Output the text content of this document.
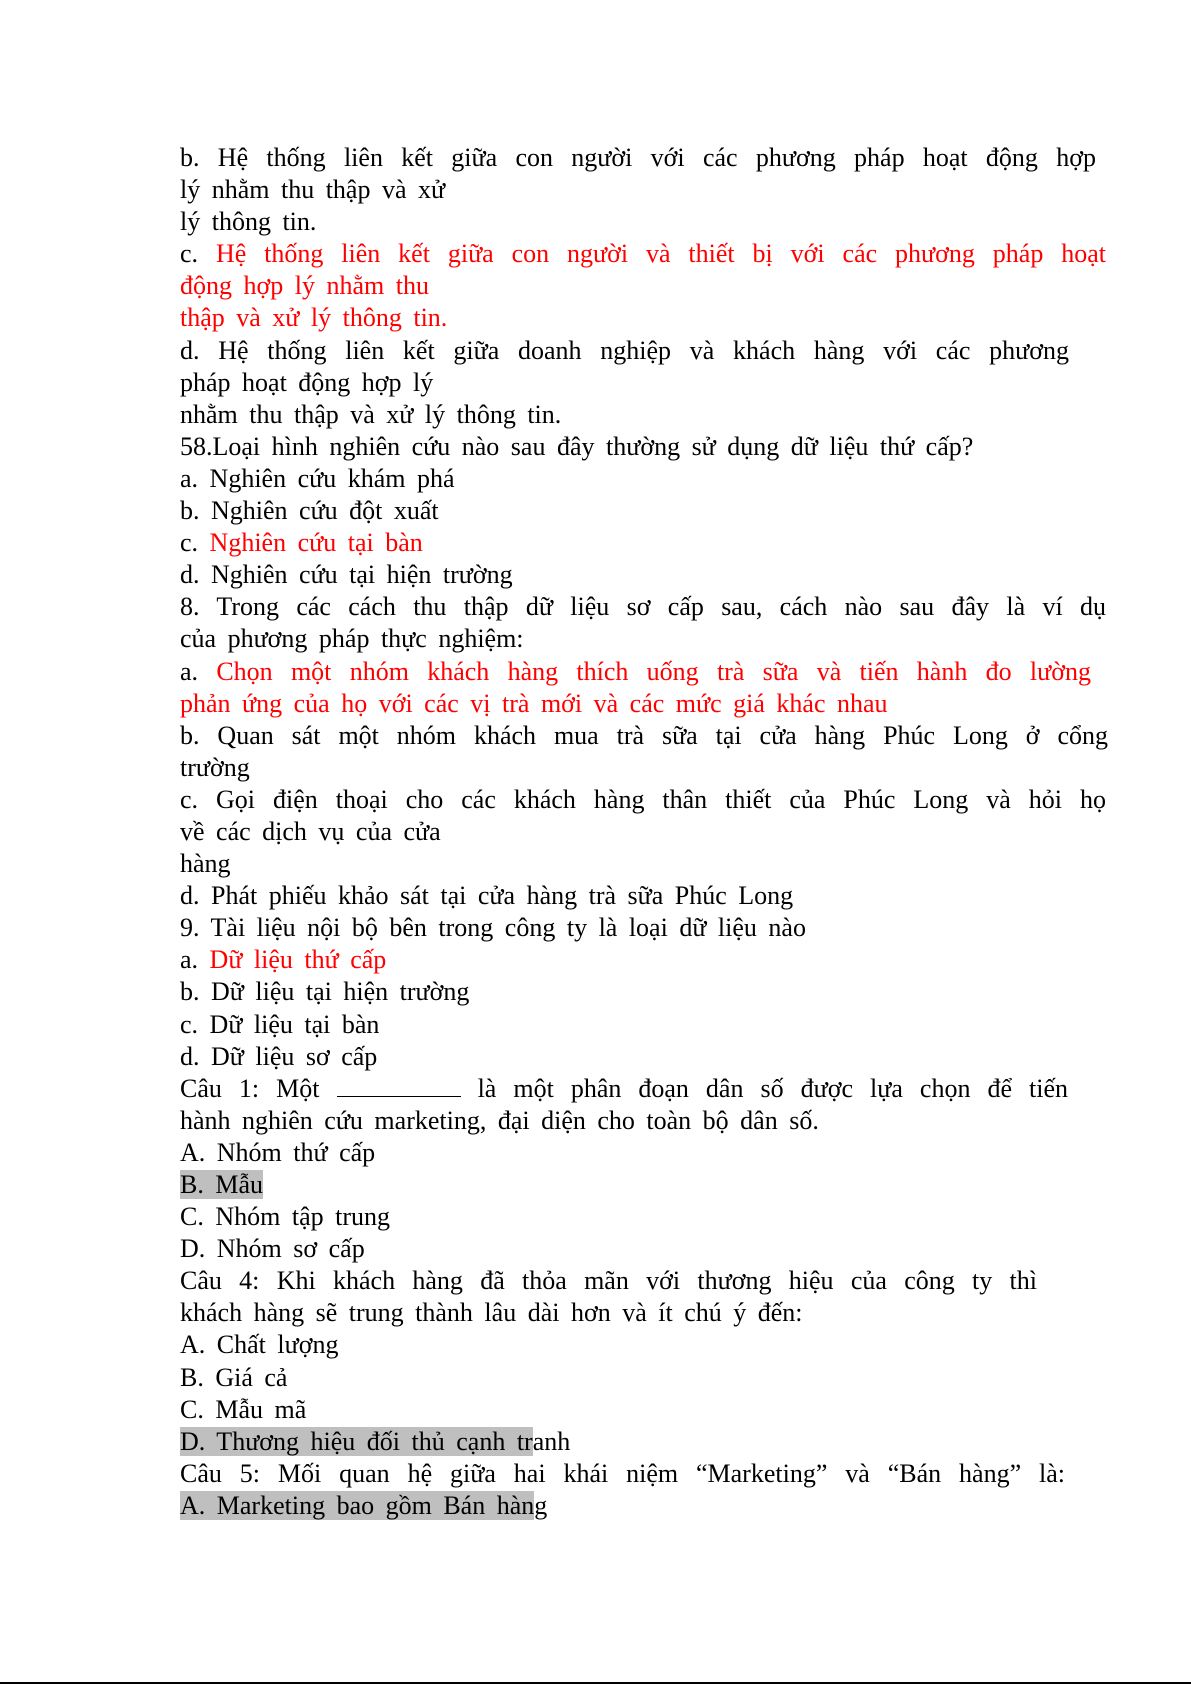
b. Hệ thống liên kết giữa con người với các phương pháp hoạt động hợp
lý nhằm thu thập và xử
lý thông tin.
c. Hệ thống liên kết giữa con người và thiết bị với các phương pháp hoạt
động hợp lý nhằm thu
thập và xử lý thông tin.
d. Hệ thống liên kết giữa doanh nghiệp và khách hàng với các phương
pháp hoạt động hợp lý
nhằm thu thập và xử lý thông tin.
58.Loại hình nghiên cứu nào sau đây thường sử dụng dữ liệu thứ cấp?
a. Nghiên cứu khám phá
b. Nghiên cứu đột xuất
c. Nghiên cứu tại bàn
d. Nghiên cứu tại hiện trường
8. Trong các cách thu thập dữ liệu sơ cấp sau, cách nào sau đây là ví dụ
của phương pháp thực nghiệm:
a. Chọn một nhóm khách hàng thích uống trà sữa và tiến hành đo lường
phản ứng của họ với các vị trà mới và các mức giá khác nhau
b. Quan sát một nhóm khách mua trà sữa tại cửa hàng Phúc Long ở cổng
trường
c. Gọi điện thoại cho các khách hàng thân thiết của Phúc Long và hỏi họ
về các dịch vụ của cửa
hàng
d. Phát phiếu khảo sát tại cửa hàng trà sữa Phúc Long
9. Tài liệu nội bộ bên trong công ty là loại dữ liệu nào
a. Dữ liệu thứ cấp
b. Dữ liệu tại hiện trường
c. Dữ liệu tại bàn
d. Dữ liệu sơ cấp
Câu 1: Một	là một phân đoạn dân số được lựa chọn để tiến
hành nghiên cứu marketing, đại diện cho toàn bộ dân số.
A. Nhóm thứ cấp
B. Mẫu
C. Nhóm tập trung
D. Nhóm sơ cấp
Câu 4: Khi khách hàng đã thỏa mãn với thương hiệu của công ty thì
khách hàng sẽ trung thành lâu dài hơn và ít chú ý đến:
A. Chất lượng
B. Giá cả
C. Mẫu mã
D. Thương hiệu đối thủ cạnh tranh
Câu 5: Mối quan hệ giữa hai khái niệm “Marketing” và “Bán hàng” là:
A. Marketing bao gồm Bán hàng
